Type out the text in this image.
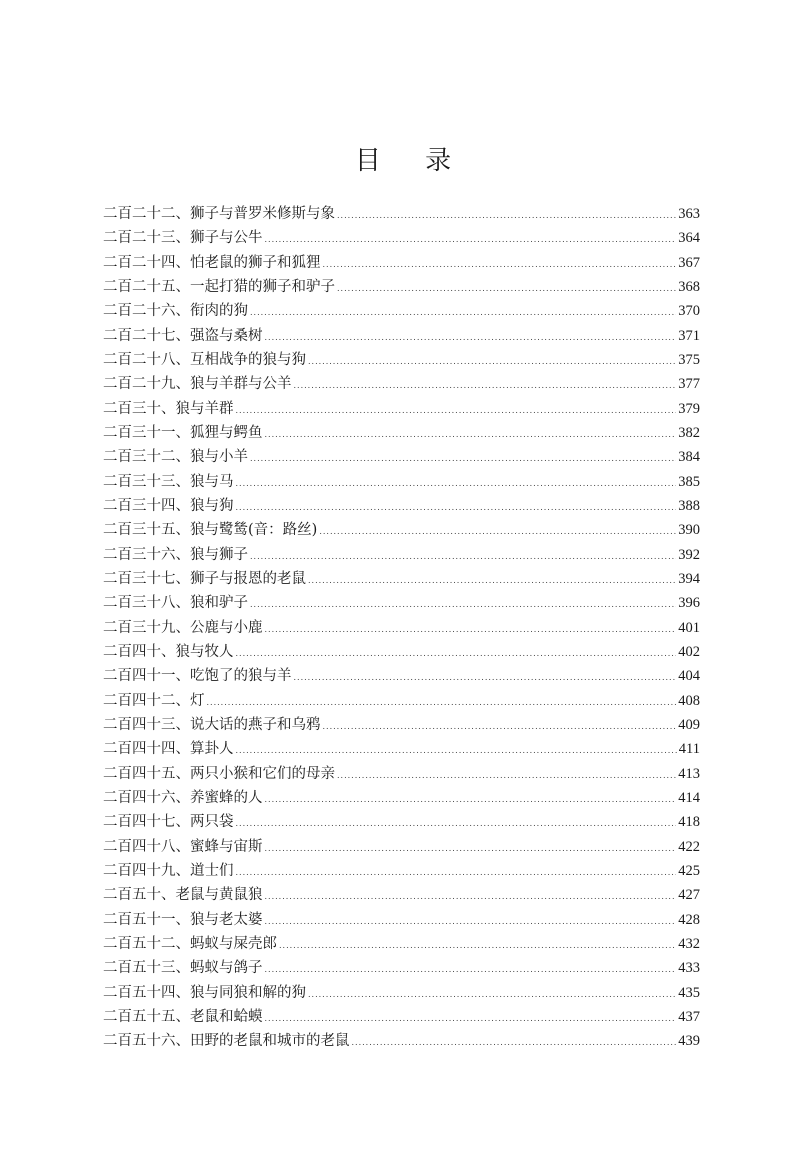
目 录
二百二十二、狮子与普罗米修斯与象 .....	363
二百二十三、狮子与公牛 .....	364
二百二十四、怕老鼠的狮子和狐狸 .....	367
二百二十五、一起打猎的狮子和驴子 .....	368
二百二十六、衔肉的狗 .....	370
二百二十七、强盗与桑树 .....	371
二百二十八、互相战争的狼与狗 .....	375
二百二十九、狼与羊群与公羊 .....	377
二百三十、狼与羊群 .....	379
二百三十一、狐狸与鳄鱼 .....	382
二百三十二、狼与小羊 .....	384
二百三十三、狼与马 .....	385
二百三十四、狼与狗 .....	388
二百三十五、狼与鹭鸶(音：路丝) .....	390
二百三十六、狼与狮子 .....	392
二百三十七、狮子与报恩的老鼠 .....	394
二百三十八、狼和驴子 .....	396
二百三十九、公鹿与小鹿 .....	401
二百四十、狼与牧人 .....	402
二百四十一、吃饱了的狼与羊 .....	404
二百四十二、灯 .....	408
二百四十三、说大话的燕子和乌鸦 .....	409
二百四十四、算卦人 .....	411
二百四十五、两只小猴和它们的母亲 .....	413
二百四十六、养蜜蜂的人 .....	414
二百四十七、两只袋 .....	418
二百四十八、蜜蜂与宙斯 .....	422
二百四十九、道士们 .....	425
二百五十、老鼠与黄鼠狼 .....	427
二百五十一、狼与老太婆 .....	428
二百五十二、蚂蚁与屎壳郎 .....	432
二百五十三、蚂蚁与鸽子 .....	433
二百五十四、狼与同狼和解的狗 .....	435
二百五十五、老鼠和蛤蟆 .....	437
二百五十六、田野的老鼠和城市的老鼠 .....	439
